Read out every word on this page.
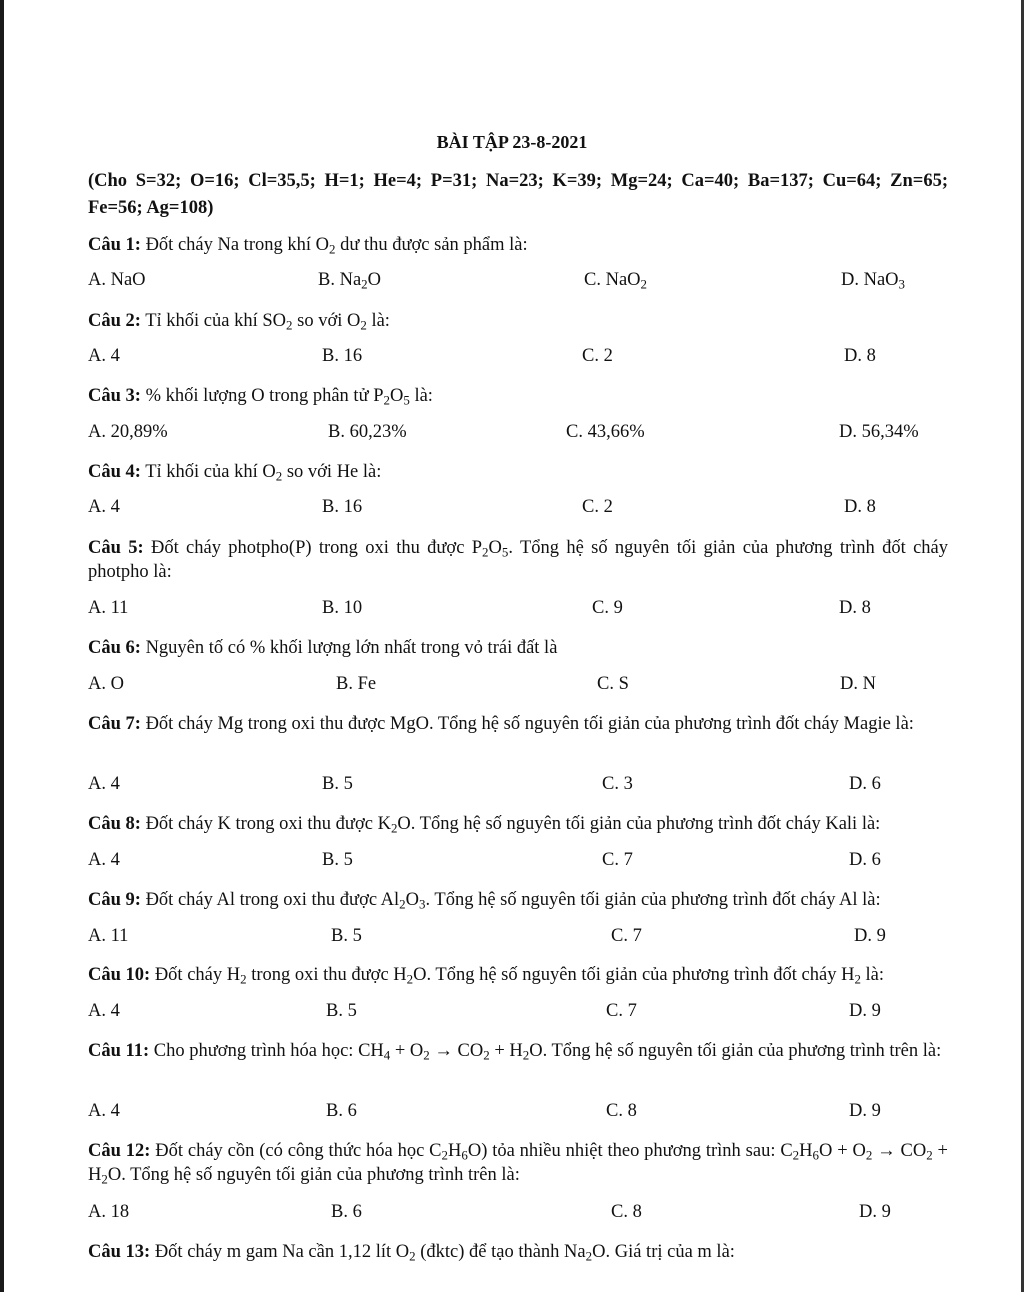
BÀI TẬP 23-8-2021
(Cho S=32; O=16; Cl=35,5; H=1; He=4; P=31; Na=23; K=39; Mg=24; Ca=40; Ba=137; Cu=64; Zn=65; Fe=56; Ag=108)
Câu 1: Đốt cháy Na trong khí $O_2$ dư thu được sản phẩm là:
A. NaO	B. $Na_2O$	C. NaO$_2$	D. NaO$_3$
Câu 2: Tỉ khối của khí $SO_2$ so với $O_2$ là:
A. 4	B. 16	C. 2	D. 8
Câu 3: % khối lượng O trong phân tử $P_2O_5$ là:
A. 20,89%	B. 60,23%	C. 43,66%	D. 56,34%
Câu 4: Tỉ khối của khí $O_2$ so với He là:
A. 4	B. 16	C. 2	D. 8
Câu 5: Đốt cháy photpho(P) trong oxi thu được $P_2O_5$. Tổng hệ số nguyên tối giản của phương trình đốt cháy photpho là:
A. 11	B. 10	C. 9	D. 8
Câu 6: Nguyên tố có % khối lượng lớn nhất trong vỏ trái đất là
A. O	B. Fe	C. S	D. N
Câu 7: Đốt cháy Mg trong oxi thu được MgO. Tổng hệ số nguyên tối giản của phương trình đốt cháy Magie là:
A. 4	B. 5	C. 3	D. 6
Câu 8: Đốt cháy K trong oxi thu được $K_2O$. Tổng hệ số nguyên tối giản của phương trình đốt cháy Kali là:
A. 4	B. 5	C. 7	D. 6
Câu 9: Đốt cháy Al trong oxi thu được $Al_2O_3$. Tổng hệ số nguyên tối giản của phương trình đốt cháy Al là:
A. 11	B. 5	C. 7	D. 9
Câu 10: Đốt cháy $H_2$ trong oxi thu được $H_2O$. Tổng hệ số nguyên tối giản của phương trình đốt cháy $H_2$ là:
A. 4	B. 5	C. 7	D. 9
Câu 11: Cho phương trình hóa học: $CH_4 + O_2 \to CO_2 + H_2O$. Tổng hệ số nguyên tối giản của phương trình trên là:
A. 4	B. 6	C. 8	D. 9
Câu 12: Đốt cháy cồn (có công thức hóa học $C_2H_6O$) tỏa nhiều nhiệt theo phương trình sau: $C_2H_6O + O_2 \to CO_2 + H_2O$. Tổng hệ số nguyên tối giản của phương trình trên là:
A. 18	B. 6	C. 8	D. 9
Câu 13: Đốt cháy m gam Na cần 1,12 lít $O_2$ (đktc) để tạo thành $Na_2O$. Giá trị của m là:
